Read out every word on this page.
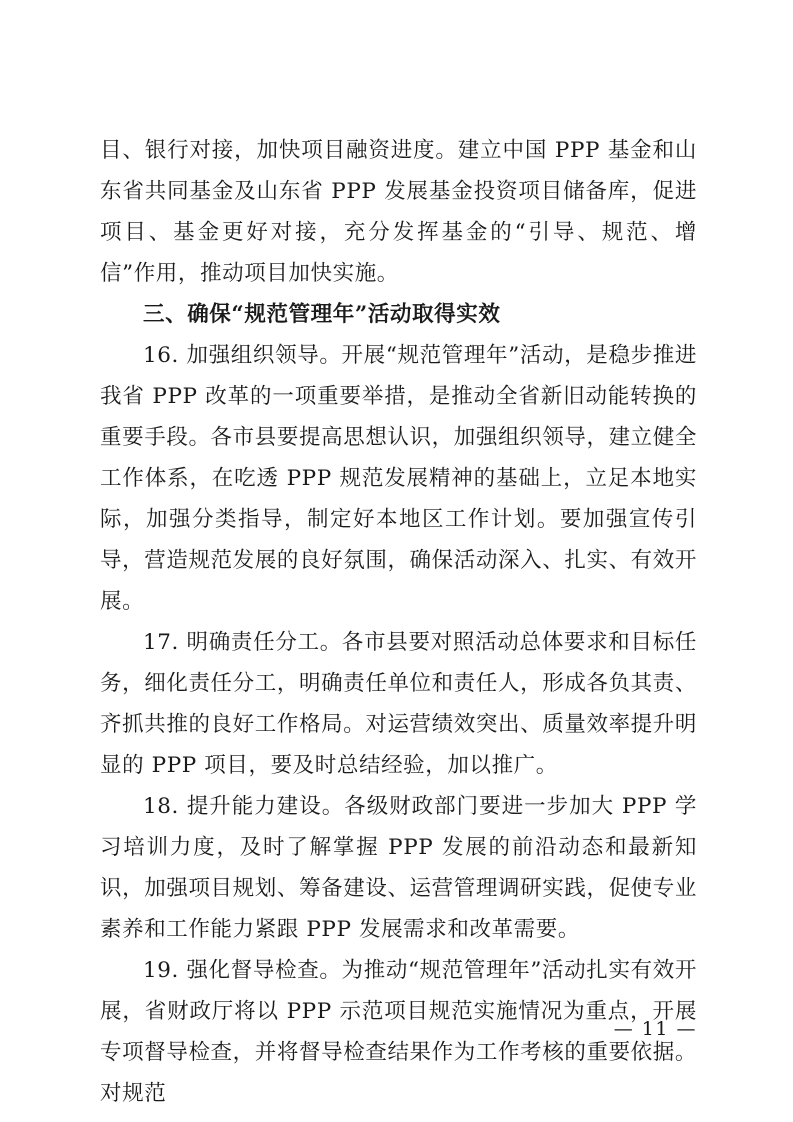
目、银行对接，加快项目融资进度。建立中国 PPP 基金和山东省共同基金及山东省 PPP 发展基金投资项目储备库，促进项目、基金更好对接，充分发挥基金的“引导、规范、增信”作用，推动项目加快实施。

三、确保“规范管理年”活动取得实效

16. 加强组织领导。开展“规范管理年”活动，是稳步推进我省 PPP 改革的一项重要举措，是推动全省新旧动能转换的重要手段。各市县要提高思想认识，加强组织领导，建立健全工作体系，在吃透 PPP 规范发展精神的基础上，立足本地实际，加强分类指导，制定好本地区工作计划。要加强宣传引导，营造规范发展的良好氛围，确保活动深入、扎实、有效开展。

17. 明确责任分工。各市县要对照活动总体要求和目标任务，细化责任分工，明确责任单位和责任人，形成各负其责、齐抓共推的良好工作格局。对运营绩效突出、质量效率提升明显的 PPP 项目，要及时总结经验，加以推广。

18. 提升能力建设。各级财政部门要进一步加大 PPP 学习培训力度，及时了解掌握 PPP 发展的前沿动态和最新知识，加强项目规划、筹备建设、运营管理调研实践，促使专业素养和工作能力紧跟 PPP 发展需求和改革需要。

19. 强化督导检查。为推动“规范管理年”活动扎实有效开展，省财政厅将以 PPP 示范项目规范实施情况为重点，开展专项督导检查，并将督导检查结果作为工作考核的重要依据。对规范

— 11 —
